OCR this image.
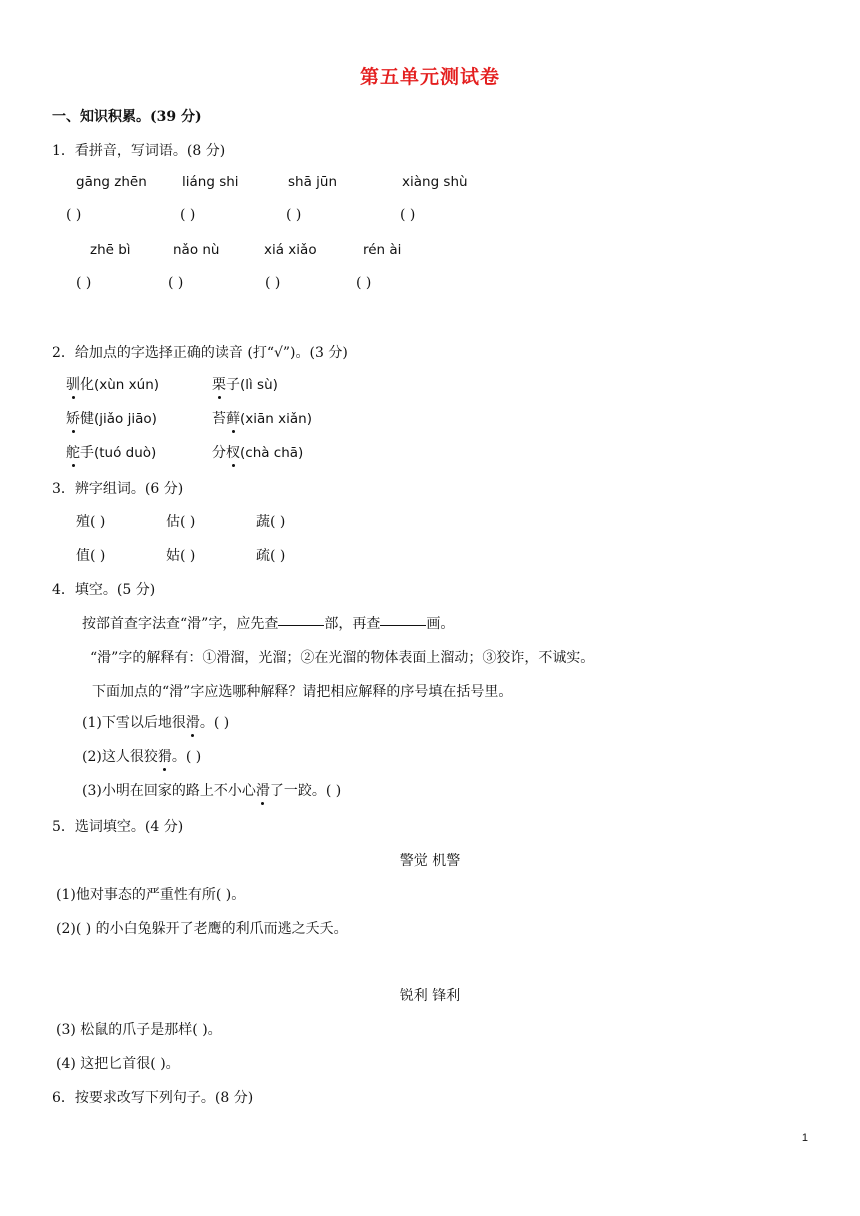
第五单元测试卷
一、知识积累。(39 分)
1．看拼音，写词语。(8 分)
gāng zhēn	liáng shi	shā jūn	xiàng shù
( )	( )	( )	( )
zhē bì	nǎo nù	xiá xiǎo	rén ài
( )	( )	( )	( )
2．给加点的字选择正确的读音 (打“√”)。(3 分)
驯化(xùn xún)	栗子(lì sù)
矫健(jiǎo jiāo)	苔藓(xiān xiǎn)
舵手(tuó duò)	分杈(chà chā)
3．辨字组词。(6 分)
殖( )	估( )	蔬( )
值( )	姑( )	疏( )
4．填空。(5 分)
按部首查字法查“滑”字，应先查	部，再查	画。
“滑”字的解释有：①滑溜，光溜；②在光溜的物体表面上溜动；③狡诈，不诚实。
下面加点的“滑”字应选哪种解释？请把相应解释的序号填在括号里。
(1)下雪以后地很滑。( )
(2)这人很狡猾。( )
(3)小明在回家的路上不小心滑了一跤。( )
5．选词填空。(4 分)
警觉 机警
(1)他对事态的严重性有所( )。
(2)( ) 的小白兔躲开了老鹰的利爪而逃之夭夭。
锐利 锋利
(3) 松鼠的爪子是那样( )。
(4) 这把匕首很( )。
6．按要求改写下列句子。(8 分)
1
